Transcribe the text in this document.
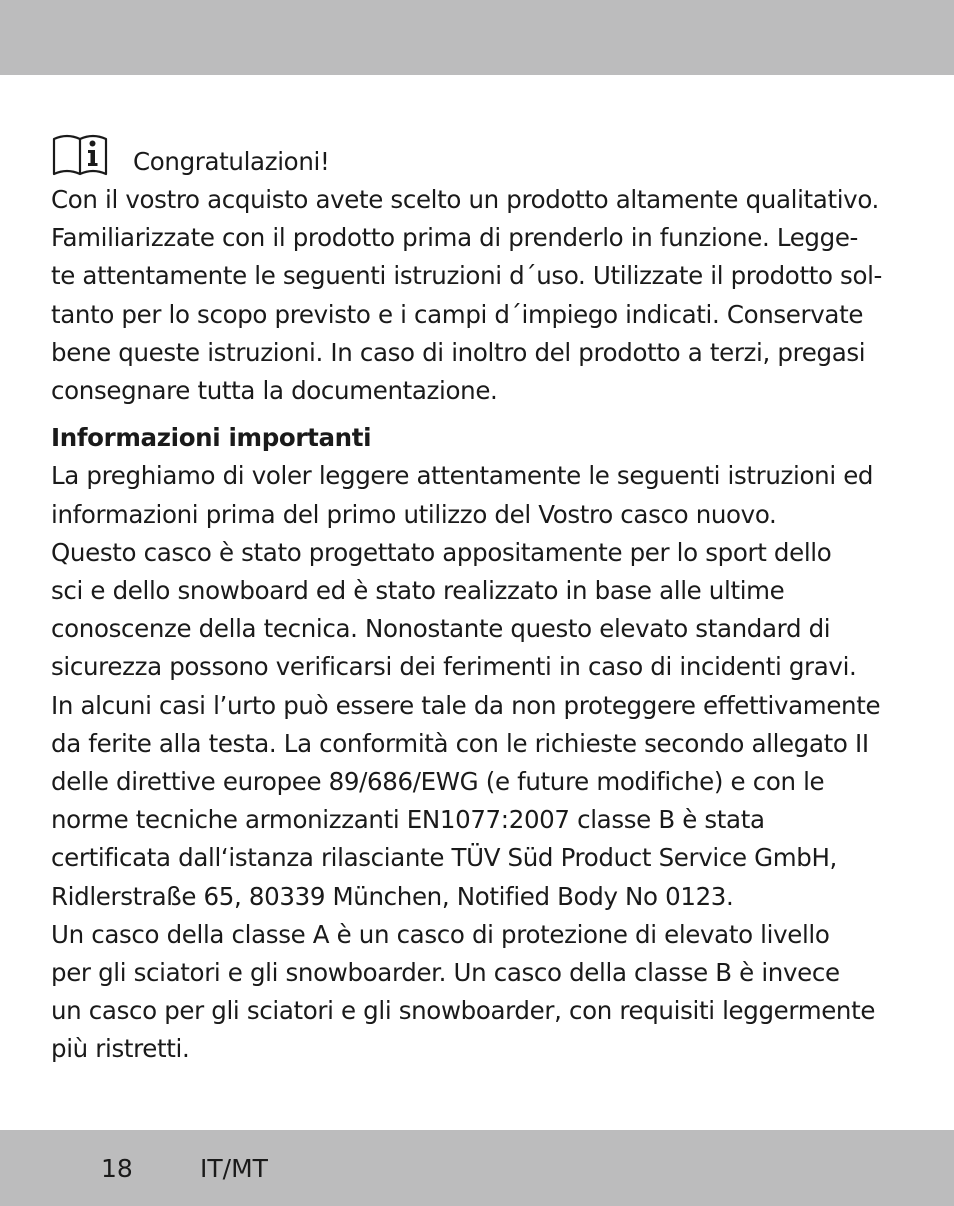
Congratulazioni!
Con il vostro acquisto avete scelto un prodotto altamente qualitativo.
Familiarizzate con il prodotto prima di prenderlo in funzione. Legge-
te attentamente le seguenti istruzioni d´uso. Utilizzate il prodotto sol-
tanto per lo scopo previsto e i campi d´impiego indicati. Conservate
bene queste istruzioni. In caso di inoltro del prodotto a terzi, pregasi
consegnare tutta la documentazione.
Informazioni importanti
La preghiamo di voler leggere attentamente le seguenti istruzioni ed
informazioni prima del primo utilizzo del Vostro casco nuovo.
Questo casco è stato progettato appositamente per lo sport dello
sci e dello snowboard ed è stato realizzato in base alle ultime
conoscenze della tecnica. Nonostante questo elevato standard di
sicurezza possono verificarsi dei ferimenti in caso di incidenti gravi.
In alcuni casi l’urto può essere tale da non proteggere effettivamente
da ferite alla testa. La conformità con le richieste secondo allegato II
delle direttive europee 89/686/EWG (e future modifiche) e con le
norme tecniche armonizzanti EN1077:2007 classe B è stata
certificata dall‘istanza rilasciante TÜV Süd Product Service GmbH,
Ridlerstraße 65, 80339 München, Notified Body No 0123.
Un casco della classe A è un casco di protezione di elevato livello
per gli sciatori e gli snowboarder. Un casco della classe B è invece
un casco per gli sciatori e gli snowboarder, con requisiti leggermente
più ristretti.
18	IT/MT
